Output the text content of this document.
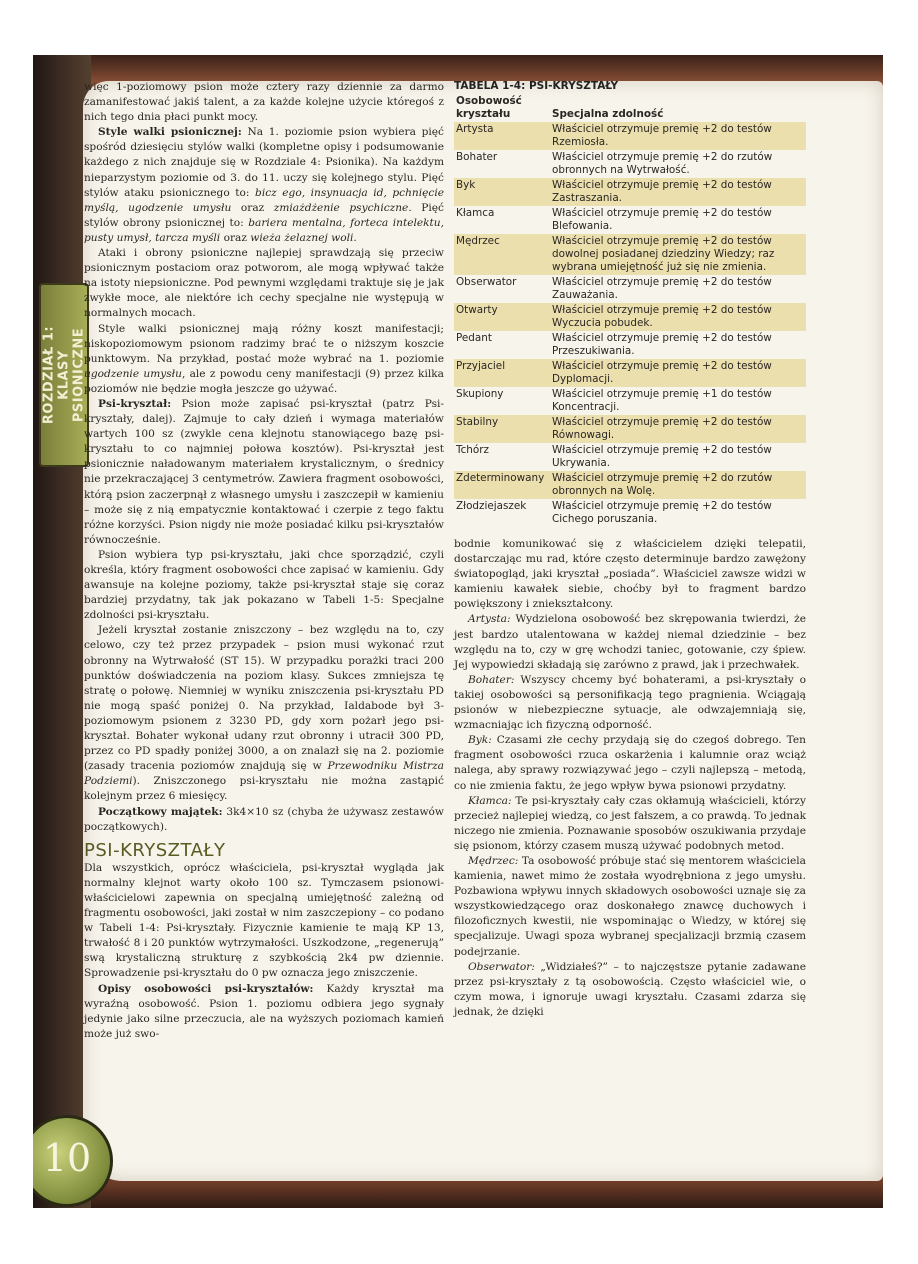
ROZDZIAŁ 1: KLASY PSIONICZNE
10

więc 1-poziomowy psion może cztery razy dziennie za darmo zamanifestować jakiś talent, a za każde kolejne użycie któregoś z nich tego dnia płaci punkt mocy.

Style walki psionicznej: Na 1. poziomie psion wybiera pięć spośród dziesięciu stylów walki (kompletne opisy i podsumowanie każdego z nich znajduje się w Rozdziale 4: Psionika). Na każdym nieparzystym poziomie od 3. do 11. uczy się kolejnego stylu. Pięć stylów ataku psionicznego to: bicz ego, insynuacja id, pchnięcie myślą, ugodzenie umysłu oraz zmiażdżenie psychiczne. Pięć stylów obrony psionicznej to: bariera mentalna, forteca intelektu, pusty umysł, tarcza myśli oraz wieża żelaznej woli.

Ataki i obrony psioniczne najlepiej sprawdzają się przeciw psionicznym postaciom oraz potworom, ale mogą wpływać także na istoty niepsioniczne. Pod pewnymi względami traktuje się je jak zwykłe moce, ale niektóre ich cechy specjalne nie występują w normalnych mocach.

Style walki psionicznej mają różny koszt manifestacji; niskopoziomowym psionom radzimy brać te o niższym koszcie punktowym. Na przykład, postać może wybrać na 1. poziomie ugodzenie umysłu, ale z powodu ceny manifestacji (9) przez kilka poziomów nie będzie mogła jeszcze go używać.

Psi-kryształ: Psion może zapisać psi-kryształ (patrz Psi-kryształy, dalej). Zajmuje to cały dzień i wymaga materiałów wartych 100 sz (zwykle cena klejnotu stanowiącego bazę psi-kryształu to co najmniej połowa kosztów). Psi-kryształ jest psionicznie naładowanym materiałem krystalicznym, o średnicy nie przekraczającej 3 centymetrów. Zawiera fragment osobowości, którą psion zaczerpnął z własnego umysłu i zaszczepił w kamieniu – może się z nią empatycznie kontaktować i czerpie z tego faktu różne korzyści. Psion nigdy nie może posiadać kilku psi-kryształów równocześnie.

Psion wybiera typ psi-kryształu, jaki chce sporządzić, czyli określa, który fragment osobowości chce zapisać w kamieniu. Gdy awansuje na kolejne poziomy, także psi-kryształ staje się coraz bardziej przydatny, tak jak pokazano w Tabeli 1-5: Specjalne zdolności psi-kryształu.

Jeżeli kryształ zostanie zniszczony – bez względu na to, czy celowo, czy też przez przypadek – psion musi wykonać rzut obronny na Wytrwałość (ST 15). W przypadku porażki traci 200 punktów doświadczenia na poziom klasy. Sukces zmniejsza tę stratę o połowę. Niemniej w wyniku zniszczenia psi-kryształu PD nie mogą spaść poniżej 0. Na przykład, Ialdabode był 3-poziomowym psionem z 3230 PD, gdy xorn pożarł jego psi-kryształ. Bohater wykonał udany rzut obronny i utracił 300 PD, przez co PD spadły poniżej 3000, a on znalazł się na 2. poziomie (zasady tracenia poziomów znajdują się w Przewodniku Mistrza Podziemi). Zniszczonego psi-kryształu nie można zastąpić kolejnym przez 6 miesięcy.

Początkowy majątek: 3k4⨯10 sz (chyba że używasz zestawów początkowych).

PSI-KRYSZTAŁY

Dla wszystkich, oprócz właściciela, psi-kryształ wygląda jak normalny klejnot warty około 100 sz. Tymczasem psionowi-właścicielowi zapewnia on specjalną umiejętność zależną od fragmentu osobowości, jaki został w nim zaszczepiony – co podano w Tabeli 1-4: Psi-kryształy. Fizycznie kamienie te mają KP 13, trwałość 8 i 20 punktów wytrzymałości. Uszkodzone, „regenerują” swą krystaliczną strukturę z szybkością 2k4 pw dziennie. Sprowadzenie psi-kryształu do 0 pw oznacza jego zniszczenie.

Opisy osobowości psi-kryształów: Każdy kryształ ma wyraźną osobowość. Psion 1. poziomu odbiera jego sygnały jedynie jako silne przeczucia, ale na wyższych poziomach kamień może już swo-

TABELA 1-4: PSI-KRYSZTAŁY
Osobowość
kryształu	Specjalna zdolność
Artysta	Właściciel otrzymuje premię +2 do testów Rzemiosła.
Bohater	Właściciel otrzymuje premię +2 do rzutów obronnych na Wytrwałość.
Byk	Właściciel otrzymuje premię +2 do testów Zastraszania.
Kłamca	Właściciel otrzymuje premię +2 do testów Blefowania.
Mędrzec	Właściciel otrzymuje premię +2 do testów dowolnej posiadanej dziedziny Wiedzy; raz wybrana umiejętność już się nie zmienia.
Obserwator	Właściciel otrzymuje premię +2 do testów Zauważania.
Otwarty	Właściciel otrzymuje premię +2 do testów Wyczucia pobudek.
Pedant	Właściciel otrzymuje premię +2 do testów Przeszukiwania.
Przyjaciel	Właściciel otrzymuje premię +2 do testów Dyplomacji.
Skupiony	Właściciel otrzymuje premię +1 do testów Koncentracji.
Stabilny	Właściciel otrzymuje premię +2 do testów Równowagi.
Tchórz	Właściciel otrzymuje premię +2 do testów Ukrywania.
Zdeterminowany	Właściciel otrzymuje premię +2 do rzutów obronnych na Wolę.
Złodziejaszek	Właściciel otrzymuje premię +2 do testów Cichego poruszania.

bodnie komunikować się z właścicielem dzięki telepatii, dostarczając mu rad, które często determinuje bardzo zawężony światopogląd, jaki kryształ „posiada”. Właściciel zawsze widzi w kamieniu kawałek siebie, choćby był to fragment bardzo powiększony i zniekształcony.

Artysta: Wydzielona osobowość bez skrępowania twierdzi, że jest bardzo utalentowana w każdej niemal dziedzinie – bez względu na to, czy w grę wchodzi taniec, gotowanie, czy śpiew. Jej wypowiedzi składają się zarówno z prawd, jak i przechwałek.

Bohater: Wszyscy chcemy być bohaterami, a psi-kryształy o takiej osobowości są personifikacją tego pragnienia. Wciągają psionów w niebezpieczne sytuacje, ale odwzajemniają się, wzmacniając ich fizyczną odporność.

Byk: Czasami złe cechy przydają się do czegoś dobrego. Ten fragment osobowości rzuca oskarżenia i kalumnie oraz wciąż nalega, aby sprawy rozwiązywać jego – czyli najlepszą – metodą, co nie zmienia faktu, że jego wpływ bywa psionowi przydatny.

Kłamca: Te psi-kryształy cały czas okłamują właścicieli, którzy przecież najlepiej wiedzą, co jest fałszem, a co prawdą. To jednak niczego nie zmienia. Poznawanie sposobów oszukiwania przydaje się psionom, którzy czasem muszą używać podobnych metod.

Mędrzec: Ta osobowość próbuje stać się mentorem właściciela kamienia, nawet mimo że została wyodrębniona z jego umysłu. Pozbawiona wpływu innych składowych osobowości uznaje się za wszystkowiedzącego oraz doskonałego znawcę duchowych i filozoficznych kwestii, nie wspominając o Wiedzy, w której się specjalizuje. Uwagi spoza wybranej specjalizacji brzmią czasem podejrzanie.

Obserwator: „Widziałeś?” – to najczęstsze pytanie zadawane przez psi-kryształy z tą osobowością. Często właściciel wie, o czym mowa, i ignoruje uwagi kryształu. Czasami zdarza się jednak, że dzięki
